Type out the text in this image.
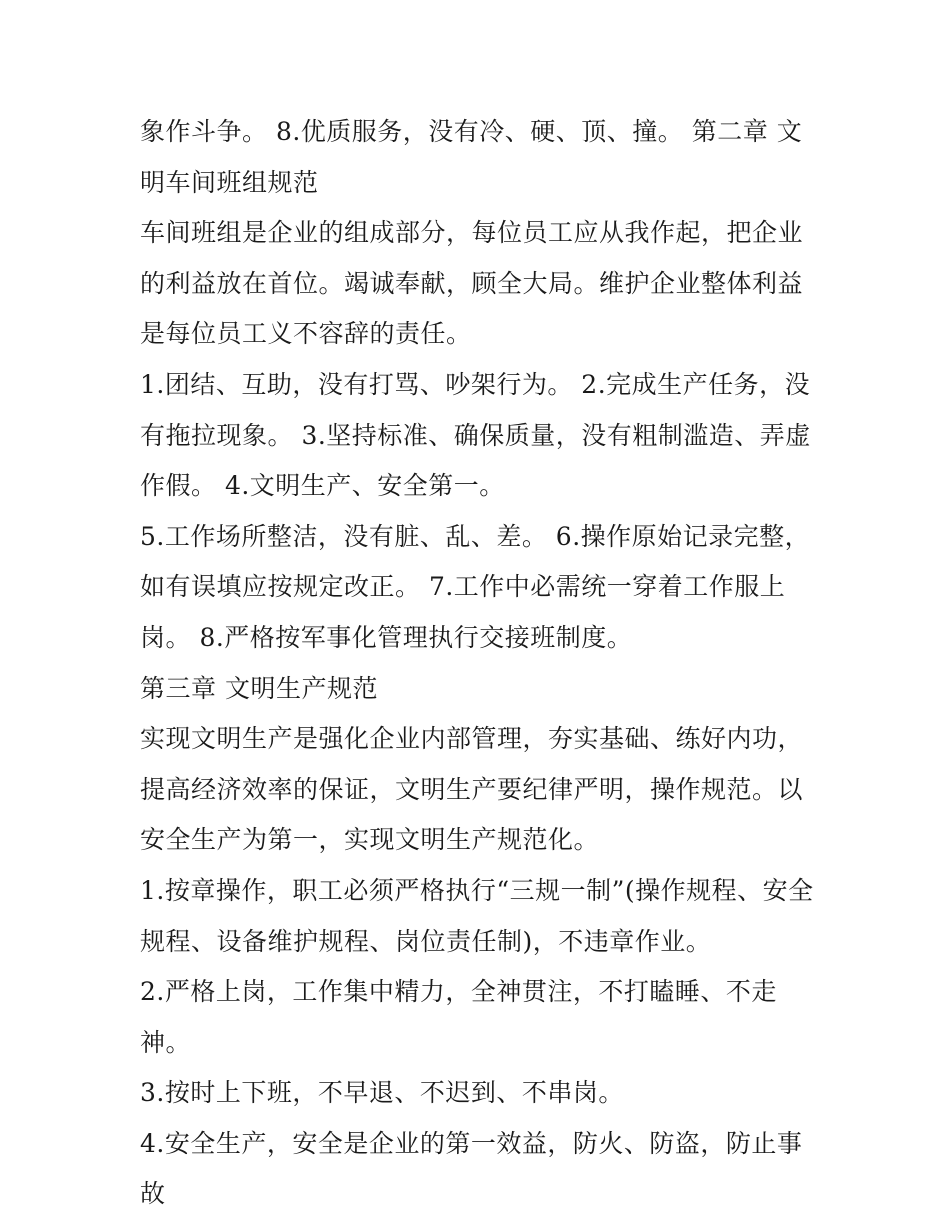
象作斗争。 8.优质服务，没有冷、硬、顶、撞。 第二章 文明车间班组规范

车间班组是企业的组成部分，每位员工应从我作起，把企业的利益放在首位。竭诚奉献，顾全大局。维护企业整体利益是每位员工义不容辞的责任。

1.团结、互助，没有打骂、吵架行为。 2.完成生产任务，没有拖拉现象。 3.坚持标准、确保质量，没有粗制滥造、弄虚作假。 4.文明生产、安全第一。

5.工作场所整洁，没有脏、乱、差。 6.操作原始记录完整，如有误填应按规定改正。 7.工作中必需统一穿着工作服上岗。 8.严格按军事化管理执行交接班制度。

第三章 文明生产规范

实现文明生产是强化企业内部管理，夯实基础、练好内功，提高经济效率的保证，文明生产要纪律严明，操作规范。以安全生产为第一，实现文明生产规范化。

1.按章操作，职工必须严格执行“三规一制”(操作规程、安全规程、设备维护规程、岗位责任制)，不违章作业。

2.严格上岗，工作集中精力，全神贯注，不打瞌睡、不走神。

3.按时上下班，不早退、不迟到、不串岗。

4.安全生产，安全是企业的第一效益，防火、防盗，防止事故
